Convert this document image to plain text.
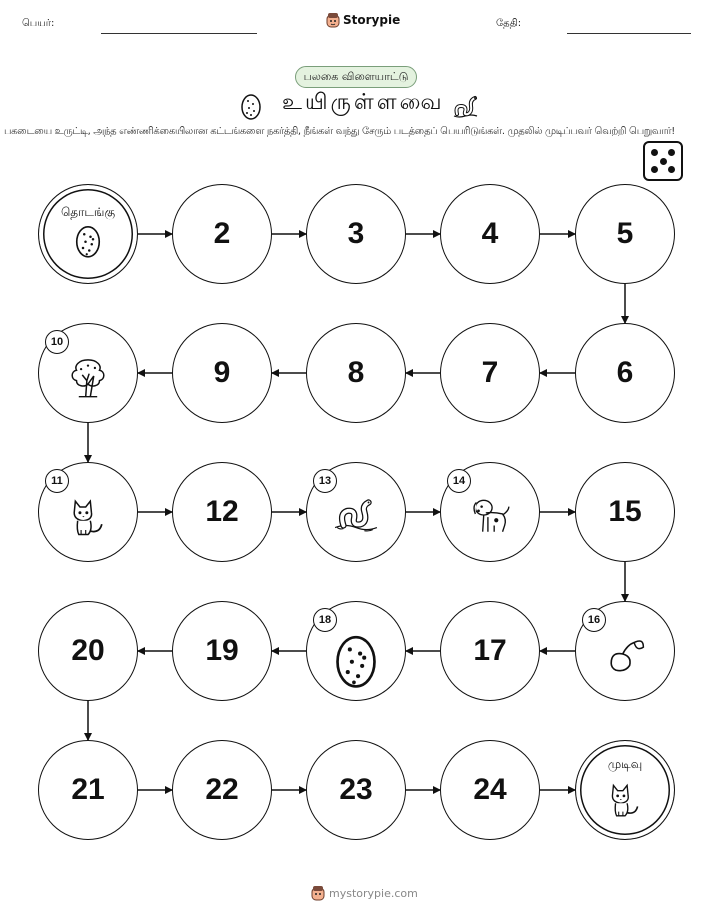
பெயர்:	Storypie	தேதி:
பலகை விளையாட்டு
உயிருள்ளவை
பகடையை உருட்டி, அந்த எண்ணிக்கையிலான கட்டங்களை நகர்த்தி, நீங்கள் வந்து சேரும் படத்தைப் பெயரிடுங்கள். முதலில் முடிப்பவர் வெற்றி பெறுவார்!
தொடங்கு
2	3	4	5
6
7
8
9
10
11
12
13	14
15
16
17
18
19
20
21	22	23	24
முடிவு
mystorypie.com
